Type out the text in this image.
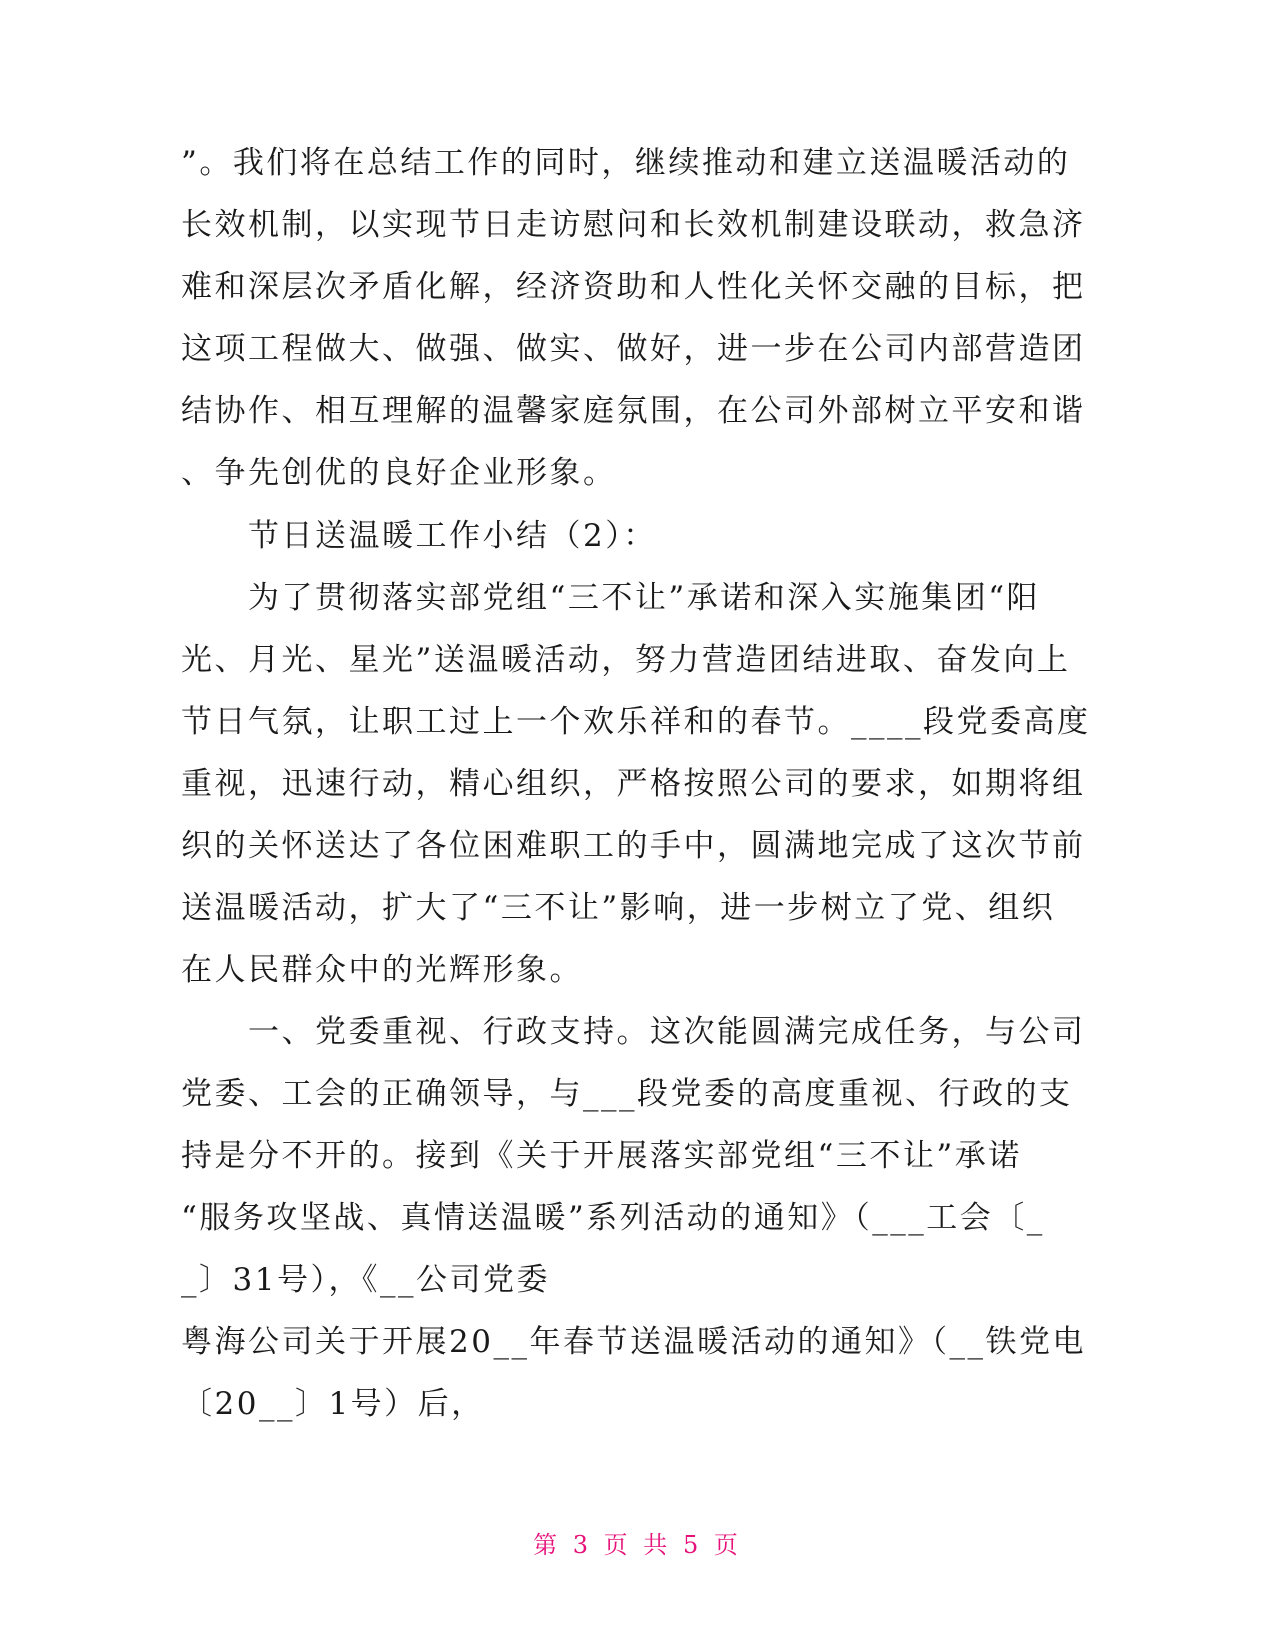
”。我们将在总结工作的同时，继续推动和建立送温暖活动的
长效机制，以实现节日走访慰问和长效机制建设联动，救急济
难和深层次矛盾化解，经济资助和人性化关怀交融的目标，把
这项工程做大、做强、做实、做好，进一步在公司内部营造团
结协作、相互理解的温馨家庭氛围，在公司外部树立平安和谐
、争先创优的良好企业形象。
　　节日送温暖工作小结（2）：
　　为了贯彻落实部党组“三不让”承诺和深入实施集团“阳
光、月光、星光”送温暖活动，努力营造团结进取、奋发向上
节日气氛，让职工过上一个欢乐祥和的春节。____段党委高度
重视，迅速行动，精心组织，严格按照公司的要求，如期将组
织的关怀送达了各位困难职工的手中，圆满地完成了这次节前
送温暖活动，扩大了“三不让”影响，进一步树立了党、组织
在人民群众中的光辉形象。
　　一、党委重视、行政支持。这次能圆满完成任务，与公司
党委、工会的正确领导，与___段党委的高度重视、行政的支
持是分不开的。接到《关于开展落实部党组“三不让”承诺
“服务攻坚战、真情送温暖”系列活动的通知》（___工会〔_
_〕31号），《__公司党委
粤海公司关于开展20__年春节送温暖活动的通知》（__铁党电
〔20__〕1号）后，
第 3 页 共 5 页
